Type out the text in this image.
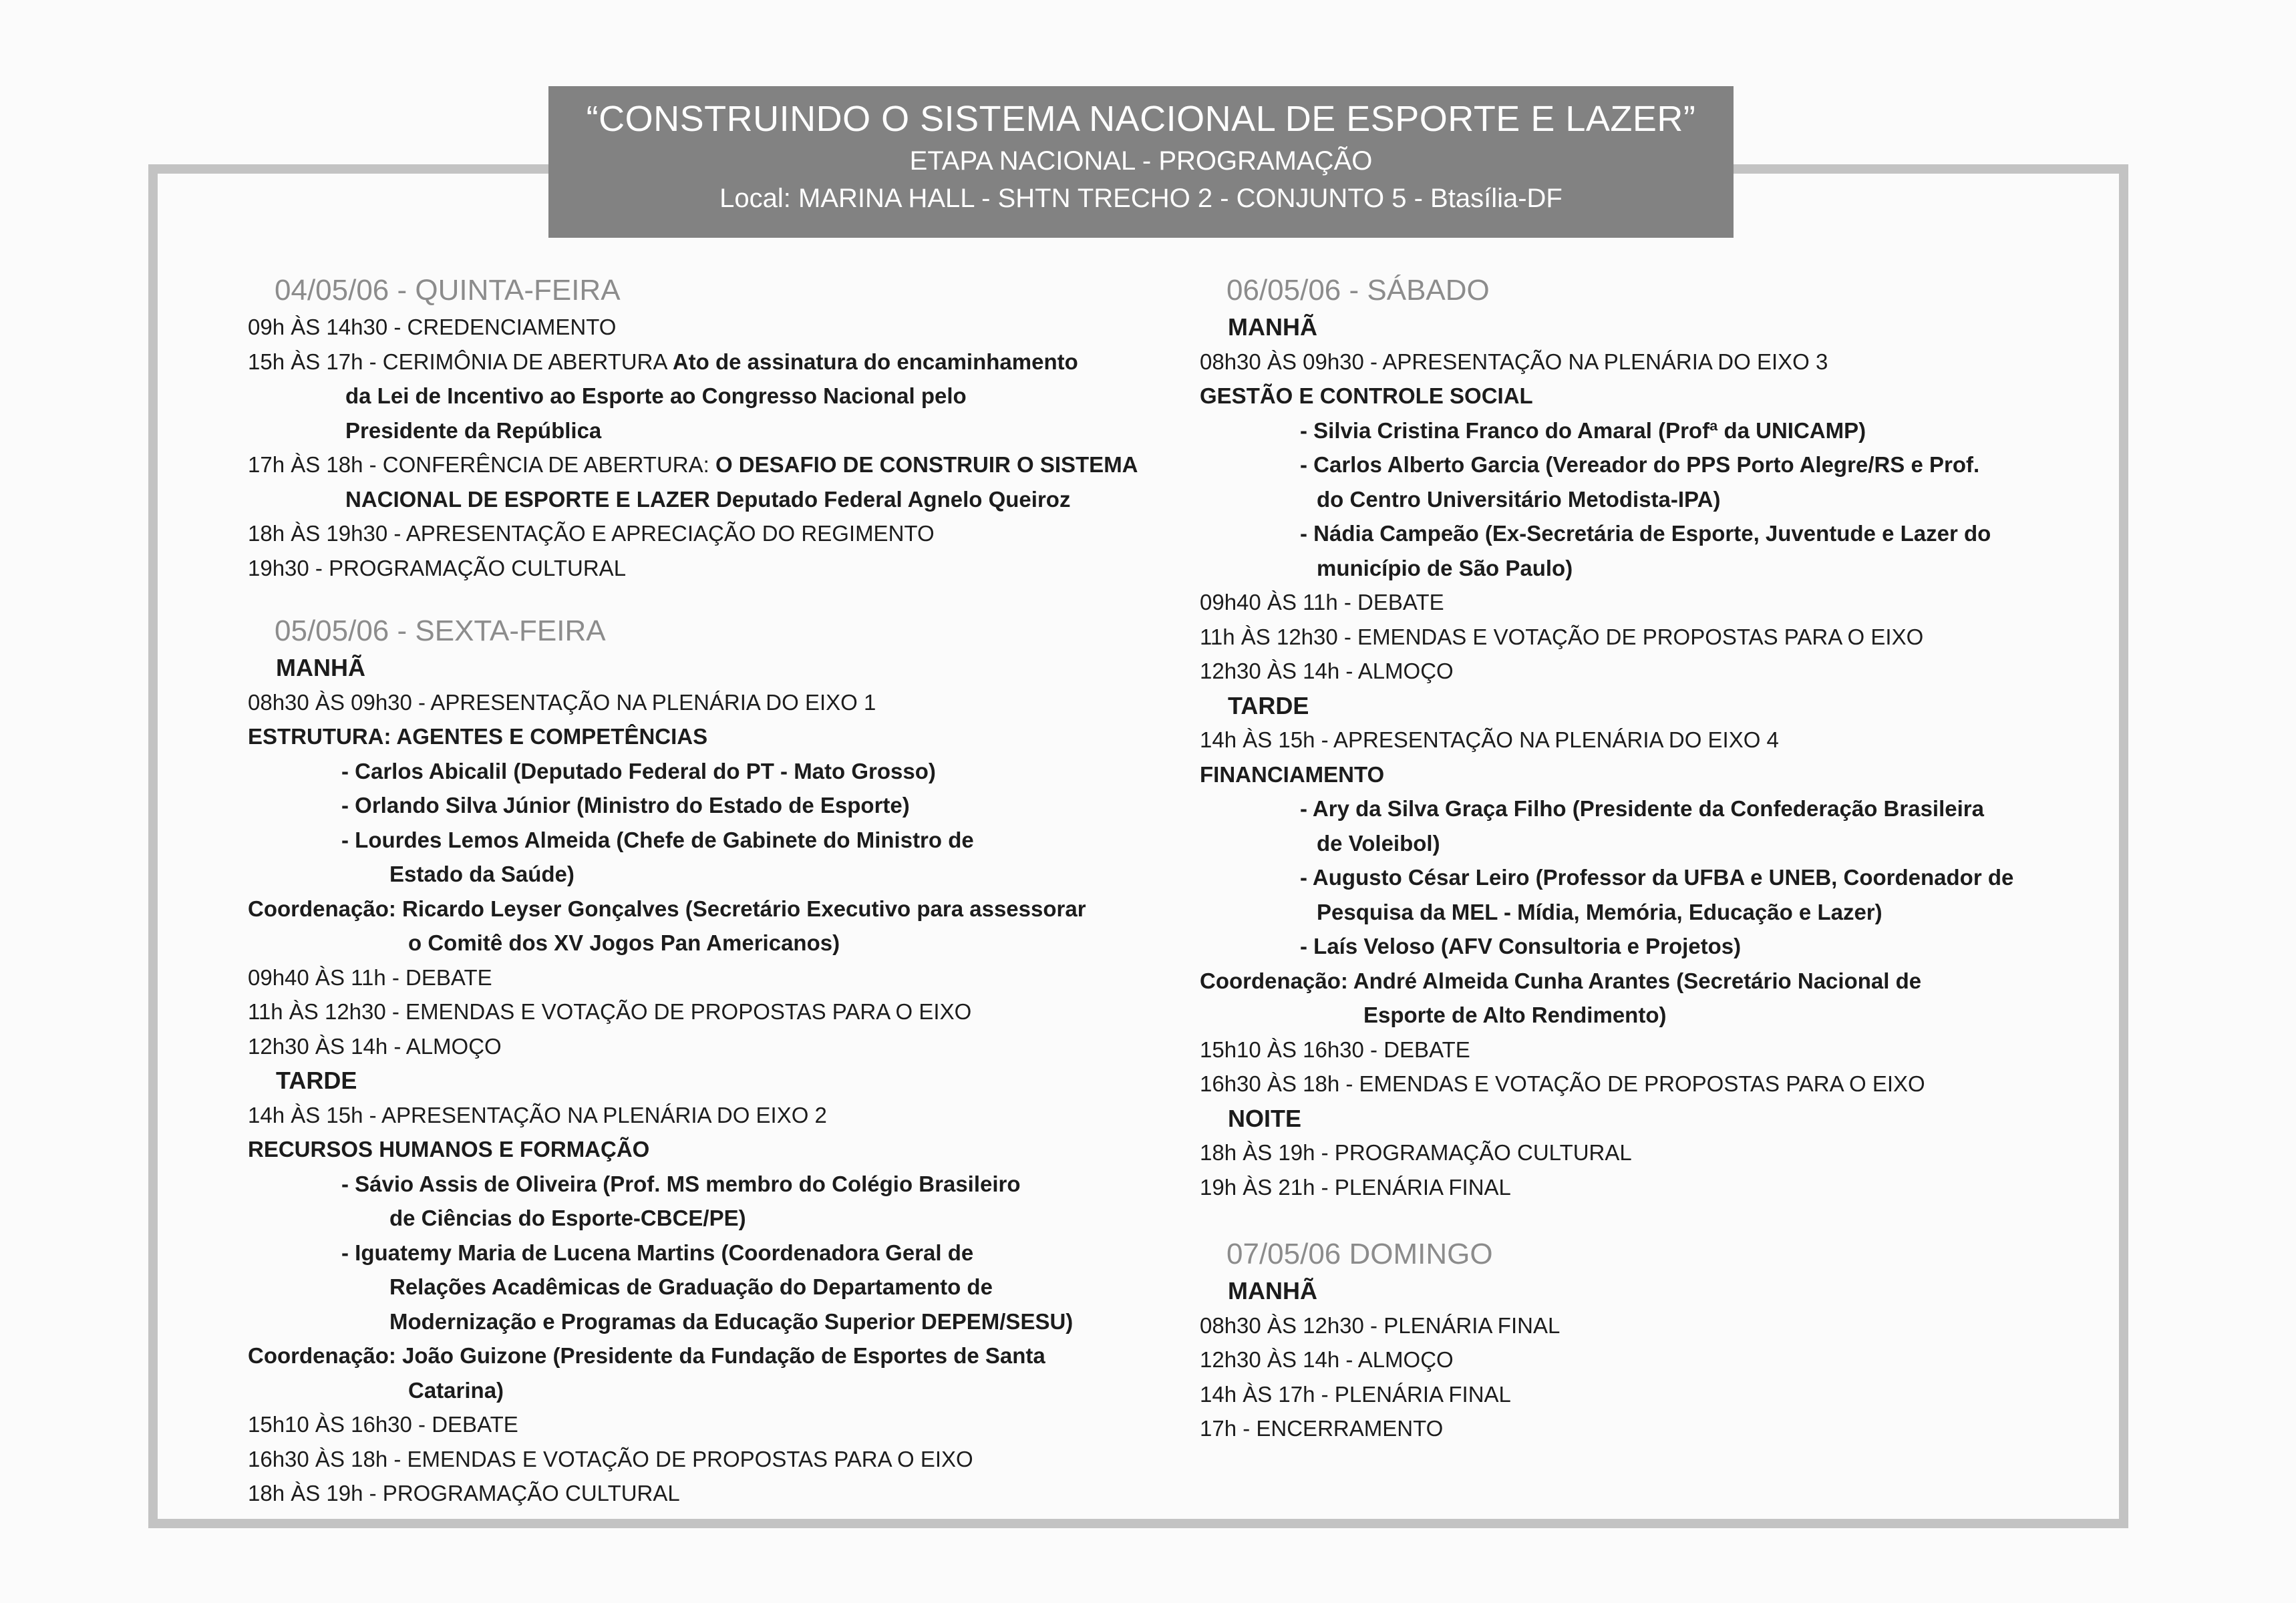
“CONSTRUINDO O SISTEMA NACIONAL DE ESPORTE E LAZER”
ETAPA NACIONAL - PROGRAMAÇÃO
Local: MARINA HALL - SHTN TRECHO 2 - CONJUNTO 5 - Btasília-DF
04/05/06 - QUINTA-FEIRA
09h ÀS 14h30 - CREDENCIAMENTO
15h ÀS 17h - CERIMÔNIA DE ABERTURA Ato de assinatura do encaminhamento
da Lei de Incentivo ao Esporte ao Congresso Nacional pelo
Presidente da República
17h ÀS 18h - CONFERÊNCIA DE ABERTURA: O DESAFIO DE CONSTRUIR O SISTEMA
NACIONAL DE ESPORTE E LAZER Deputado Federal Agnelo Queiroz
18h ÀS 19h30 - APRESENTAÇÃO E APRECIAÇÃO DO REGIMENTO
19h30 - PROGRAMAÇÃO CULTURAL
05/05/06 - SEXTA-FEIRA
MANHÃ
08h30 ÀS 09h30 - APRESENTAÇÃO NA PLENÁRIA DO EIXO 1
ESTRUTURA: AGENTES E COMPETÊNCIAS
- Carlos Abicalil (Deputado Federal do PT - Mato Grosso)
- Orlando Silva Júnior (Ministro do Estado de Esporte)
- Lourdes Lemos Almeida (Chefe de Gabinete do Ministro de
Estado da Saúde)
Coordenação: Ricardo Leyser Gonçalves (Secretário Executivo para assessorar
o Comitê dos XV Jogos Pan Americanos)
09h40 ÀS 11h - DEBATE
11h ÀS 12h30 - EMENDAS E VOTAÇÃO DE PROPOSTAS PARA O EIXO
12h30 ÀS 14h - ALMOÇO
TARDE
14h ÀS 15h - APRESENTAÇÃO NA PLENÁRIA DO EIXO 2
RECURSOS HUMANOS E FORMAÇÃO
- Sávio Assis de Oliveira (Prof. MS membro do Colégio Brasileiro
de Ciências do Esporte-CBCE/PE)
- Iguatemy Maria de Lucena Martins (Coordenadora Geral de
Relações Acadêmicas de Graduação do Departamento de
Modernização e Programas da Educação Superior DEPEM/SESU)
Coordenação: João Guizone (Presidente da Fundação de Esportes de Santa
Catarina)
15h10 ÀS 16h30 - DEBATE
16h30 ÀS 18h - EMENDAS E VOTAÇÃO DE PROPOSTAS PARA O EIXO
18h ÀS 19h - PROGRAMAÇÃO CULTURAL
06/05/06 - SÁBADO
MANHÃ
08h30 ÀS 09h30 - APRESENTAÇÃO NA PLENÁRIA DO EIXO 3
GESTÃO E CONTROLE SOCIAL
- Silvia Cristina Franco do Amaral (Profª da UNICAMP)
- Carlos Alberto Garcia (Vereador do PPS Porto Alegre/RS e Prof.
do Centro Universitário Metodista-IPA)
- Nádia Campeão (Ex-Secretária de Esporte, Juventude e Lazer do
município de São Paulo)
09h40 ÀS 11h - DEBATE
11h ÀS 12h30 - EMENDAS E VOTAÇÃO DE PROPOSTAS PARA O EIXO
12h30 ÀS 14h - ALMOÇO
TARDE
14h ÀS 15h - APRESENTAÇÃO NA PLENÁRIA DO EIXO 4
FINANCIAMENTO
- Ary da Silva Graça Filho (Presidente da Confederação Brasileira
de Voleibol)
- Augusto César Leiro (Professor da UFBA e UNEB, Coordenador de
Pesquisa da MEL - Mídia, Memória, Educação e Lazer)
- Laís Veloso (AFV Consultoria e Projetos)
Coordenação: André Almeida Cunha Arantes (Secretário Nacional de
Esporte de Alto Rendimento)
15h10 ÀS 16h30 - DEBATE
16h30 ÀS 18h - EMENDAS E VOTAÇÃO DE PROPOSTAS PARA O EIXO
NOITE
18h ÀS 19h - PROGRAMAÇÃO CULTURAL
19h ÀS 21h - PLENÁRIA FINAL
07/05/06 DOMINGO
MANHÃ
08h30 ÀS 12h30 - PLENÁRIA FINAL
12h30 ÀS 14h - ALMOÇO
14h ÀS 17h - PLENÁRIA FINAL
17h - ENCERRAMENTO
